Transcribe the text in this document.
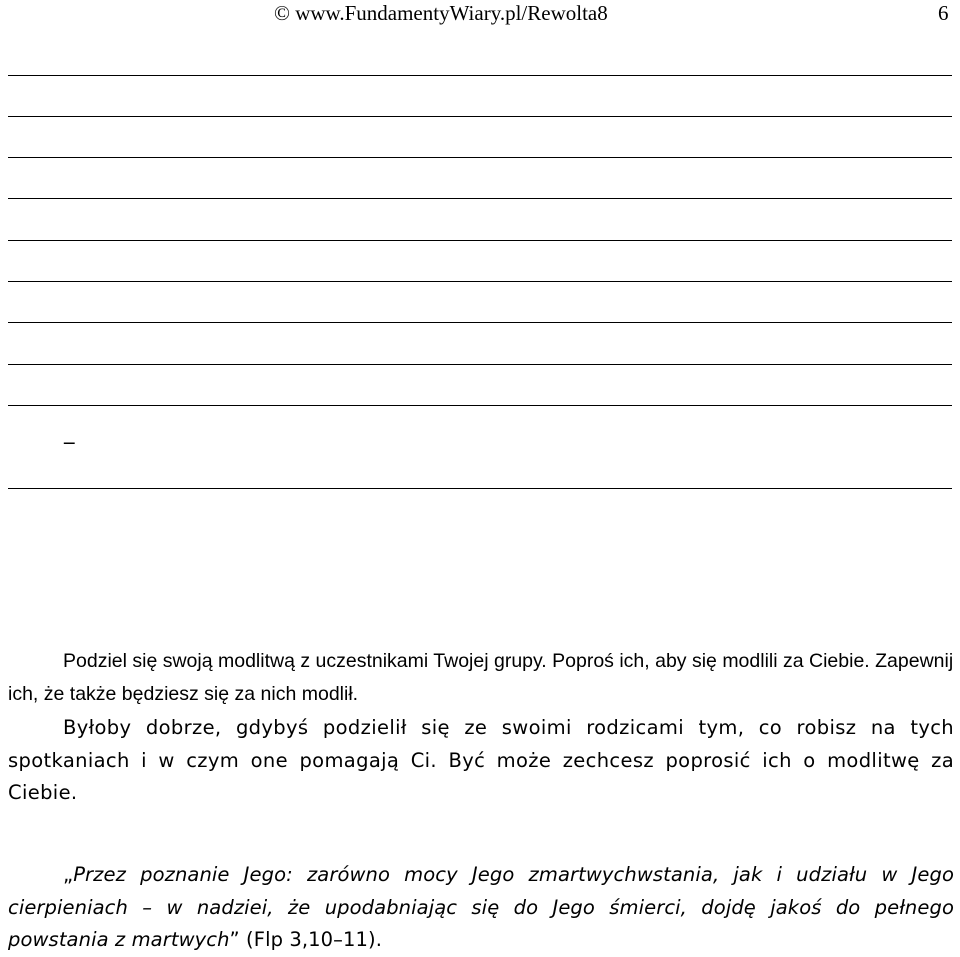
© www.FundamentyWiary.pl/Rewolta8	6
_

Podziel się swoją modlitwą z uczestnikami Twojej grupy. Poproś ich, aby się modlili za Ciebie. Zapewnij ich, że także będziesz się za nich modlił.

Byłoby dobrze, gdybyś podzielił się ze swoimi rodzicami tym, co robisz na tych spotkaniach i w czym one pomagają Ci. Być może zechcesz poprosić ich o modlitwę za Ciebie.

„Przez poznanie Jego: zarówno mocy Jego zmartwychwstania, jak i udziału w Jego cierpieniach – w nadziei, że upodabniając się do Jego śmierci, dojdę jakoś do pełnego powstania z martwych” (Flp 3,10–11).
